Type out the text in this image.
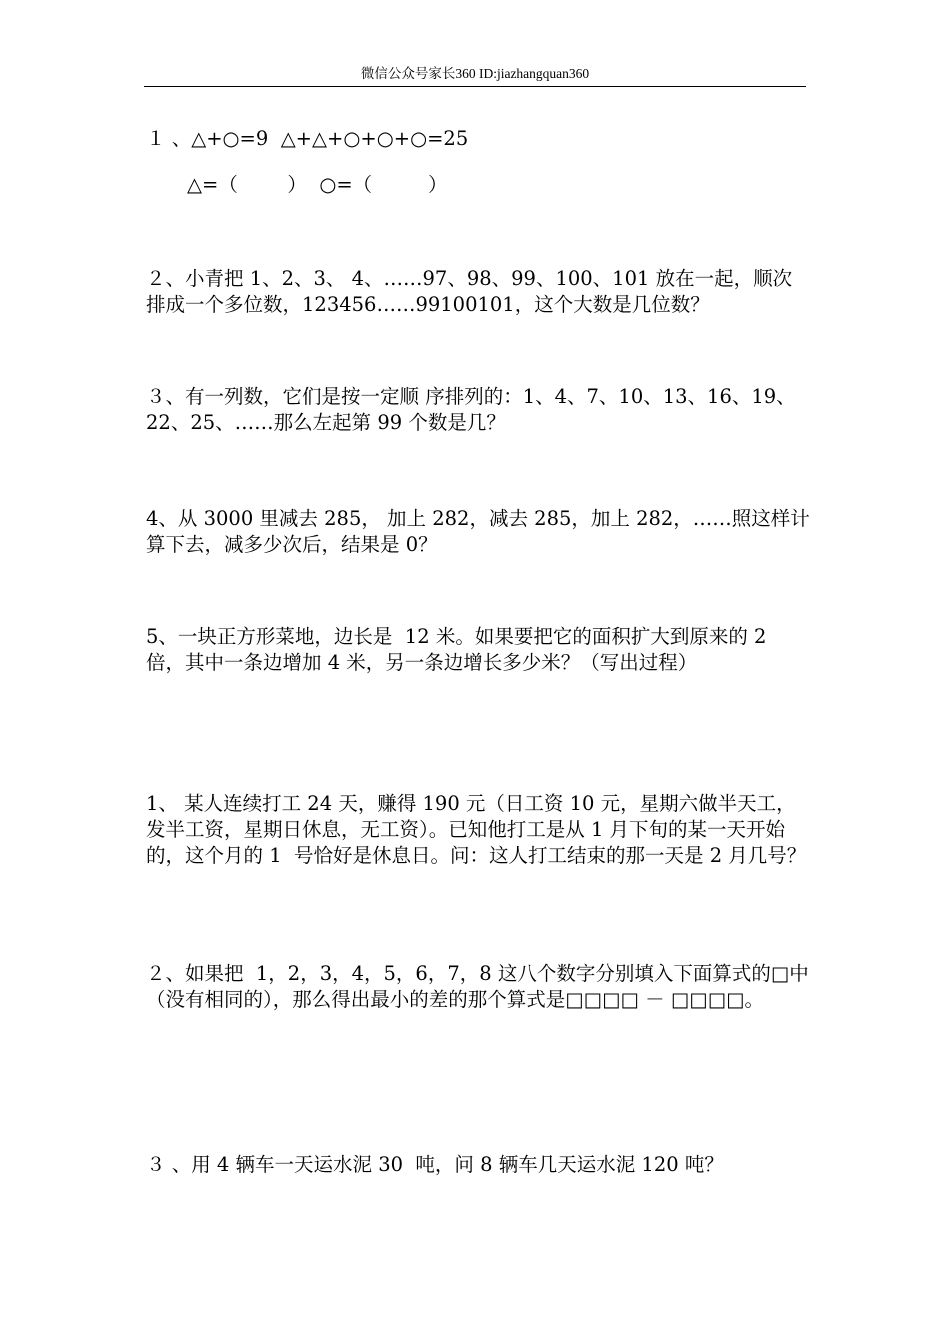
微信公众号家长360 ID:jiazhangquan360

１ 、△+○=9  △+△+○+○+○=25

△=（        ）  ○=（         ）

２、小青把 1、2、3、 4、……97、98、99、100、101 放在一起，顺次排成一个多位数，123456……99100101，这个大数是几位数？

３、有一列数，它们是按一定顺 序排列的：1、4、7、10、13、16、19、22、25、……那么左起第 99 个数是几？

4、从 3000 里减去 285， 加上 282，减去 285，加上 282，……照这样计算下去，减多少次后，结果是 0？

5、一块正方形菜地，边长是  12 米。如果要把它的面积扩大到原来的 2 倍，其中一条边增加 4 米，另一条边增长多少米？（写出过程）

1、 某人连续打工 24 天，赚得 190 元（日工资 10 元，星期六做半天工，发半工资，星期日休息，无工资）。已知他打工是从 1 月下旬的某一天开始的，这个月的 1  号恰好是休息日。问：这人打工结束的那一天是 2 月几号？

２、如果把  1，2，3，4，5，6，7，8 这八个数字分别填入下面算式的□中（没有相同的），那么得出最小的差的那个算式是□□□□ － □□□□。

３ 、用 4 辆车一天运水泥 30  吨，问 8 辆车几天运水泥 120 吨？
